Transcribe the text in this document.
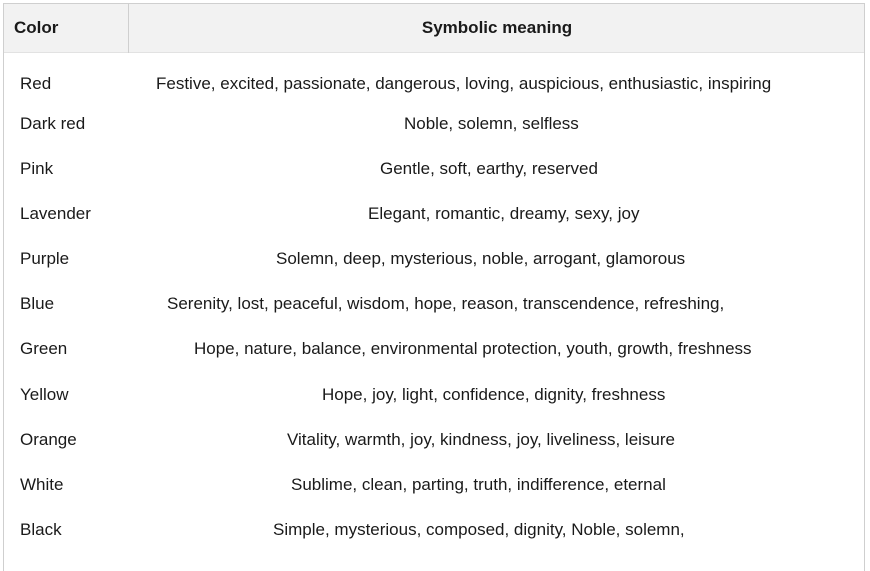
Color	Symbolic meaning
Red	Festive, excited, passionate, dangerous, loving, auspicious, enthusiastic, inspiring
Dark red	Noble, solemn, selfless
Pink	Gentle, soft, earthy, reserved
Lavender	Elegant, romantic, dreamy, sexy, joy
Purple	Solemn, deep, mysterious, noble, arrogant, glamorous
Blue	Serenity, lost, peaceful, wisdom, hope, reason, transcendence, refreshing,
Green	Hope, nature, balance, environmental protection, youth, growth, freshness
Yellow	Hope, joy, light, confidence, dignity, freshness
Orange	Vitality, warmth, joy, kindness, joy, liveliness, leisure
White	Sublime, clean, parting, truth, indifference, eternal
Black	Simple, mysterious, composed, dignity, Noble, solemn,
